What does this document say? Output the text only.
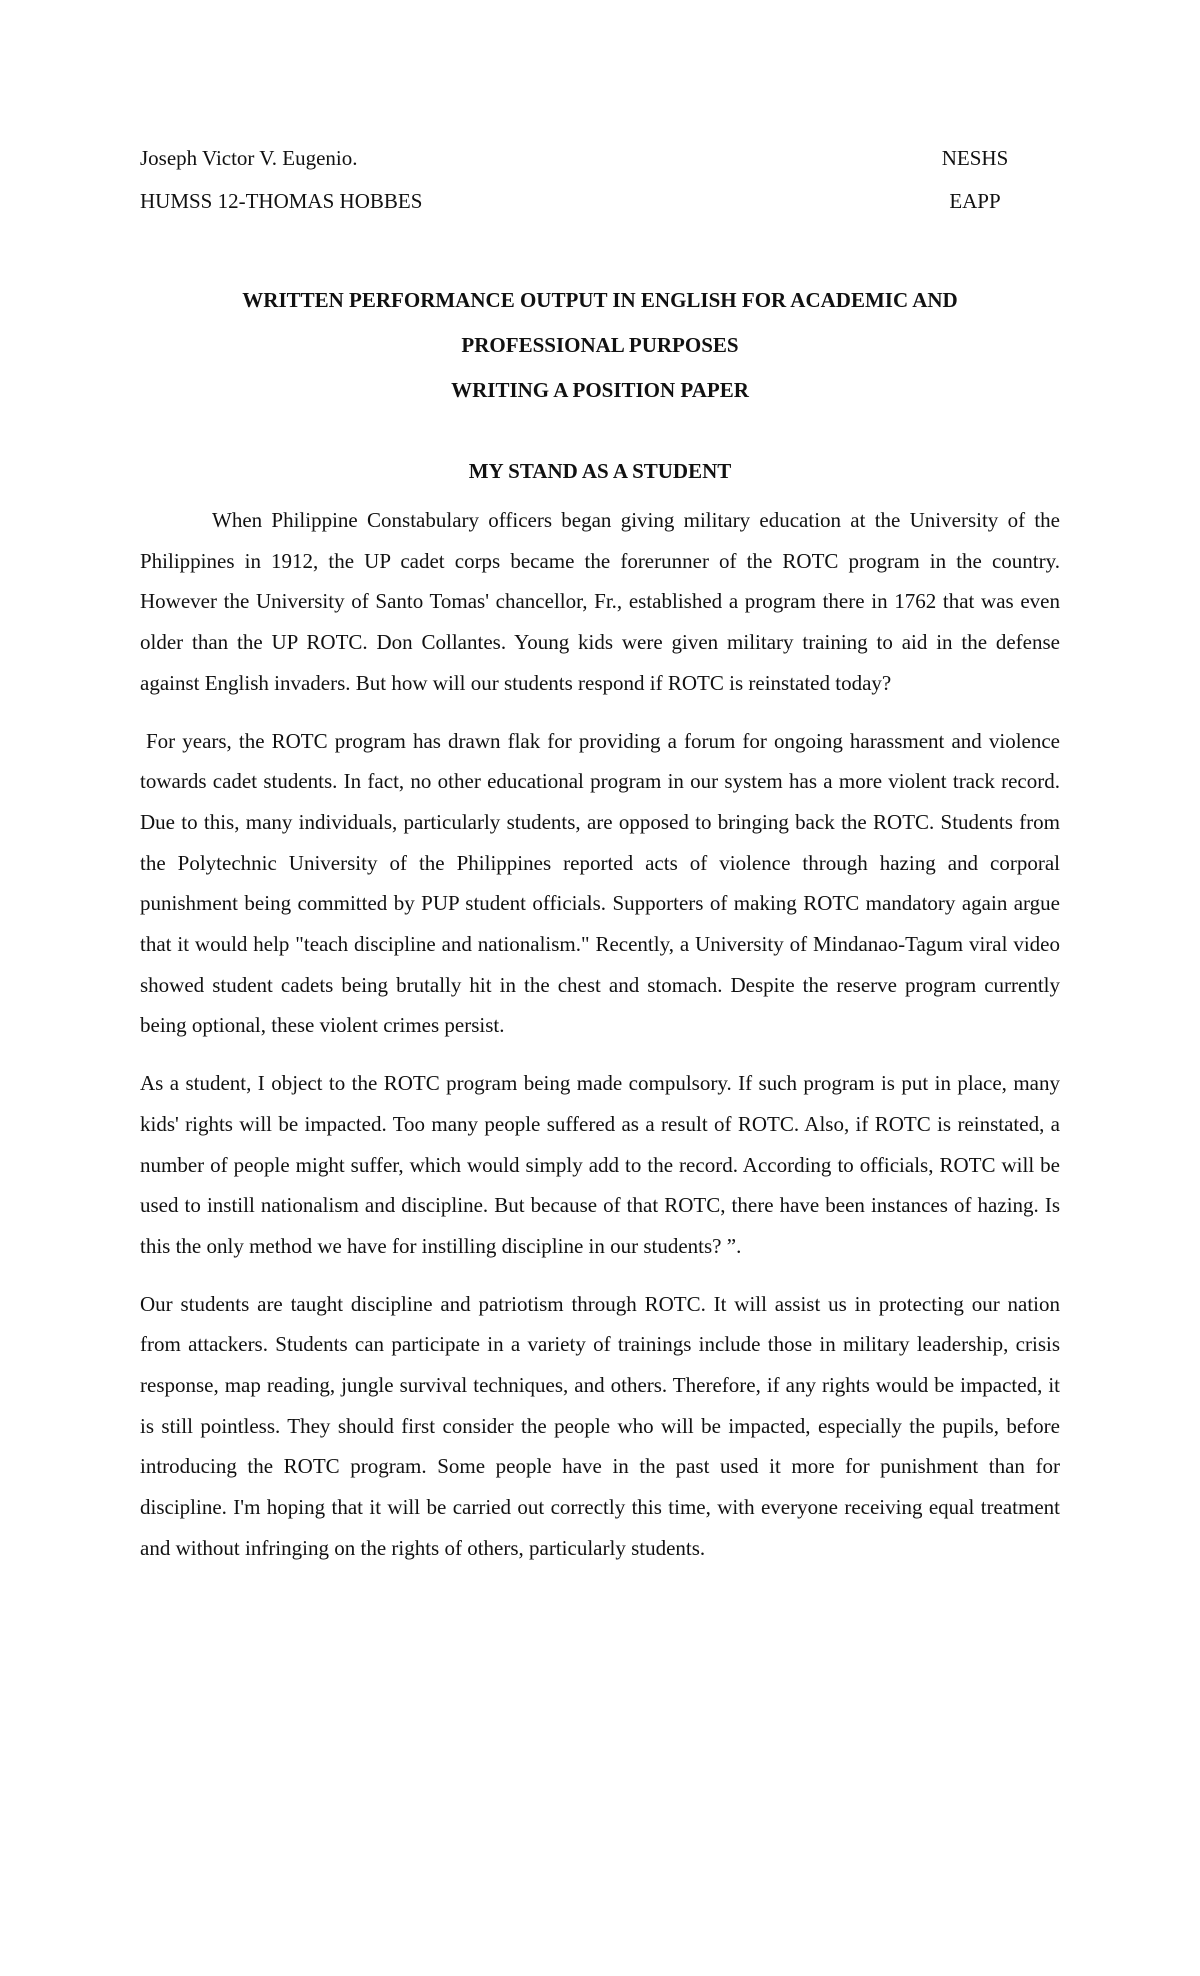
Joseph Victor V. Eugenio.	NESHS
HUMSS 12-THOMAS HOBBES	EAPP
WRITTEN PERFORMANCE OUTPUT IN ENGLISH FOR ACADEMIC AND
PROFESSIONAL PURPOSES
WRITING A POSITION PAPER
MY STAND AS A STUDENT

When Philippine Constabulary officers began giving military education at the University of the Philippines in 1912, the UP cadet corps became the forerunner of the ROTC program in the country. However the University of Santo Tomas' chancellor, Fr., established a program there in 1762 that was even older than the UP ROTC. Don Collantes. Young kids were given military training to aid in the defense against English invaders. But how will our students respond if ROTC is reinstated today?

For years, the ROTC program has drawn flak for providing a forum for ongoing harassment and violence towards cadet students. In fact, no other educational program in our system has a more violent track record. Due to this, many individuals, particularly students, are opposed to bringing back the ROTC. Students from the Polytechnic University of the Philippines reported acts of violence through hazing and corporal punishment being committed by PUP student officials. Supporters of making ROTC mandatory again argue that it would help "teach discipline and nationalism." Recently, a University of Mindanao-Tagum viral video showed student cadets being brutally hit in the chest and stomach. Despite the reserve program currently being optional, these violent crimes persist.

As a student, I object to the ROTC program being made compulsory. If such program is put in place, many kids' rights will be impacted. Too many people suffered as a result of ROTC. Also, if ROTC is reinstated, a number of people might suffer, which would simply add to the record. According to officials, ROTC will be used to instill nationalism and discipline. But because of that ROTC, there have been instances of hazing. Is this the only method we have for instilling discipline in our students? ”.

Our students are taught discipline and patriotism through ROTC. It will assist us in protecting our nation from attackers. Students can participate in a variety of trainings include those in military leadership, crisis response, map reading, jungle survival techniques, and others. Therefore, if any rights would be impacted, it is still pointless. They should first consider the people who will be impacted, especially the pupils, before introducing the ROTC program. Some people have in the past used it more for punishment than for discipline. I'm hoping that it will be carried out correctly this time, with everyone receiving equal treatment and without infringing on the rights of others, particularly students.
